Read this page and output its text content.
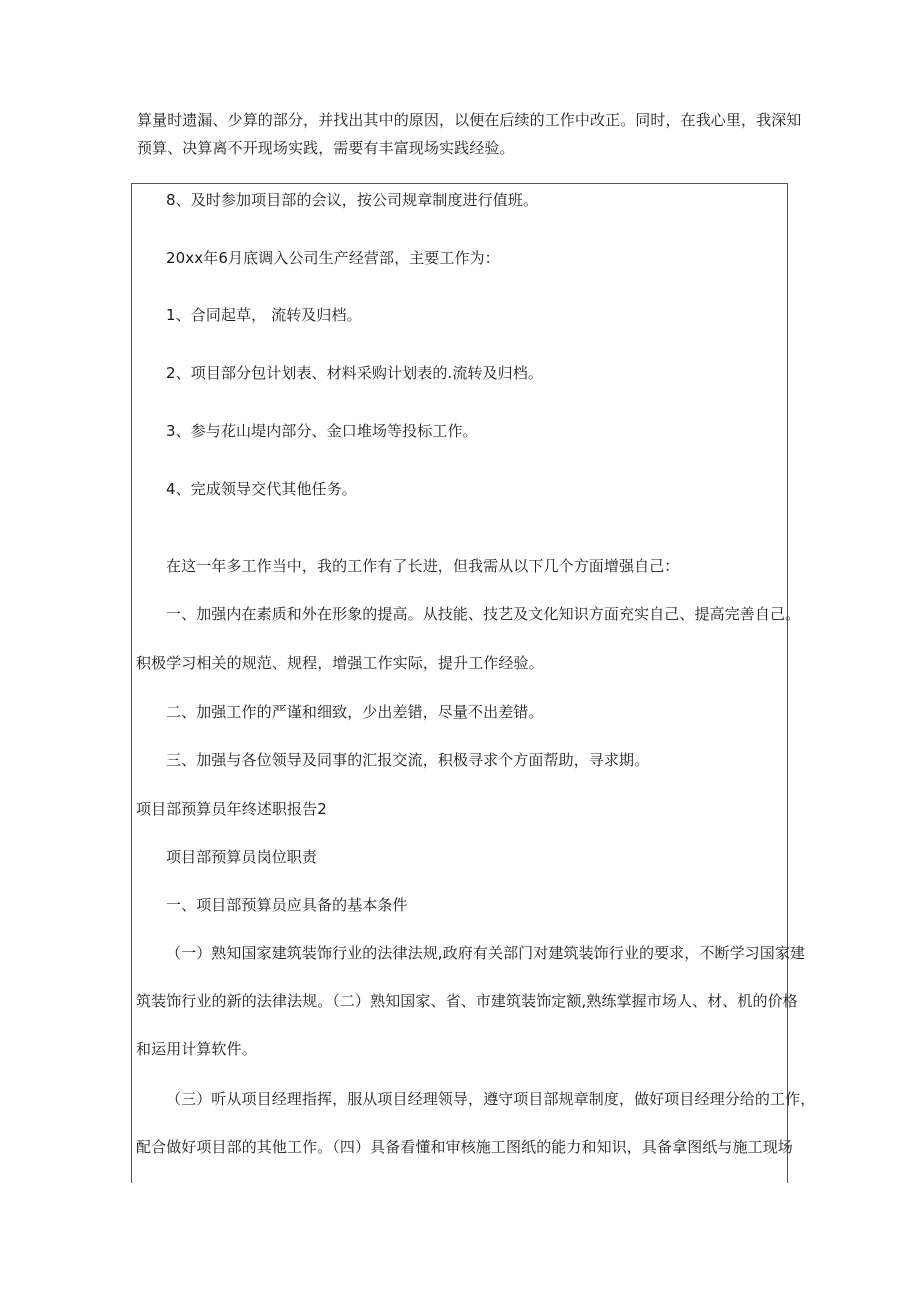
算量时遗漏、少算的部分，并找出其中的原因，以便在后续的工作中改正。同时，在我心里，我深知
预算、决算离不开现场实践，需要有丰富现场实践经验。
8、及时参加项目部的会议，按公司规章制度进行值班。
20xx年6月底调入公司生产经营部，主要工作为：
1、合同起草， 流转及归档。
2、项目部分包计划表、材料采购计划表的.流转及归档。
3、参与花山堤内部分、金口堆场等投标工作。
4、完成领导交代其他任务。
在这一年多工作当中，我的工作有了长进，但我需从以下几个方面增强自己：
一、加强内在素质和外在形象的提高。从技能、技艺及文化知识方面充实自己、提高完善自己。
积极学习相关的规范、规程，增强工作实际，提升工作经验。
二、加强工作的严谨和细致，少出差错，尽量不出差错。
三、加强与各位领导及同事的汇报交流，积极寻求个方面帮助，寻求期。
项目部预算员年终述职报告2
项目部预算员岗位职责
一、项目部预算员应具备的基本条件
（一）熟知国家建筑装饰行业的法律法规,政府有关部门对建筑装饰行业的要求，不断学习国家建
筑装饰行业的新的法律法规。（二）熟知国家、省、市建筑装饰定额,熟练掌握市场人、材、机的价格
和运用计算软件。
（三）听从项目经理指挥，服从项目经理领导，遵守项目部规章制度，做好项目经理分给的工作，
配合做好项目部的其他工作。（四）具备看懂和审核施工图纸的能力和知识，具备拿图纸与施工现场
